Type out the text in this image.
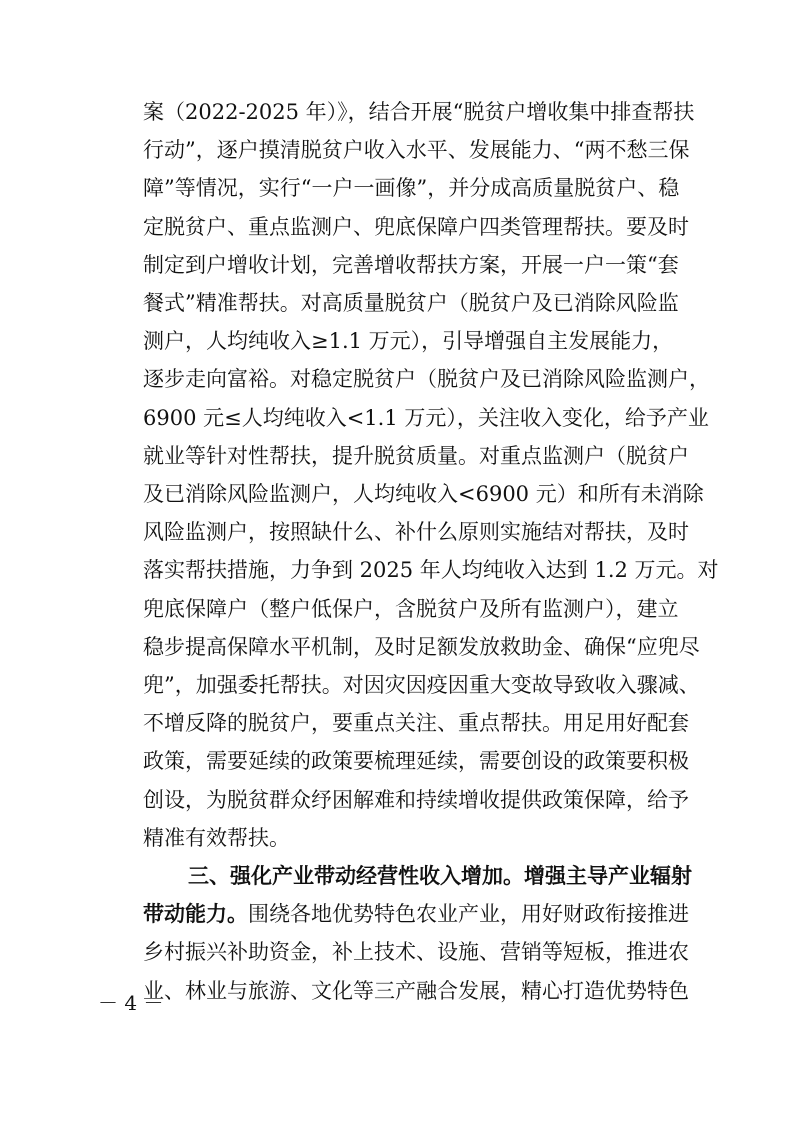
案（2022-2025 年）》，结合开展“脱贫户增收集中排查帮扶
行动”，逐户摸清脱贫户收入水平、发展能力、“两不愁三保
障”等情况，实行“一户一画像”，并分成高质量脱贫户、稳
定脱贫户、重点监测户、兜底保障户四类管理帮扶。要及时
制定到户增收计划，完善增收帮扶方案，开展一户一策“套
餐式”精准帮扶。对高质量脱贫户（脱贫户及已消除风险监
测户，人均纯收入≥1.1 万元），引导增强自主发展能力，
逐步走向富裕。对稳定脱贫户（脱贫户及已消除风险监测户，
6900 元≤人均纯收入<1.1 万元），关注收入变化，给予产业
就业等针对性帮扶，提升脱贫质量。对重点监测户（脱贫户
及已消除风险监测户，人均纯收入<6900 元）和所有未消除
风险监测户，按照缺什么、补什么原则实施结对帮扶，及时
落实帮扶措施，力争到 2025 年人均纯收入达到 1.2 万元。对
兜底保障户（整户低保户，含脱贫户及所有监测户），建立
稳步提高保障水平机制，及时足额发放救助金、确保“应兜尽
兜”，加强委托帮扶。对因灾因疫因重大变故导致收入骤减、
不增反降的脱贫户，要重点关注、重点帮扶。用足用好配套
政策，需要延续的政策要梳理延续，需要创设的政策要积极
创设，为脱贫群众纾困解难和持续增收提供政策保障，给予
精准有效帮扶。
三、强化产业带动经营性收入增加。增强主导产业辐射
带动能力。围绕各地优势特色农业产业，用好财政衔接推进
乡村振兴补助资金，补上技术、设施、营销等短板，推进农
业、林业与旅游、文化等三产融合发展，精心打造优势特色
－ 4 －
